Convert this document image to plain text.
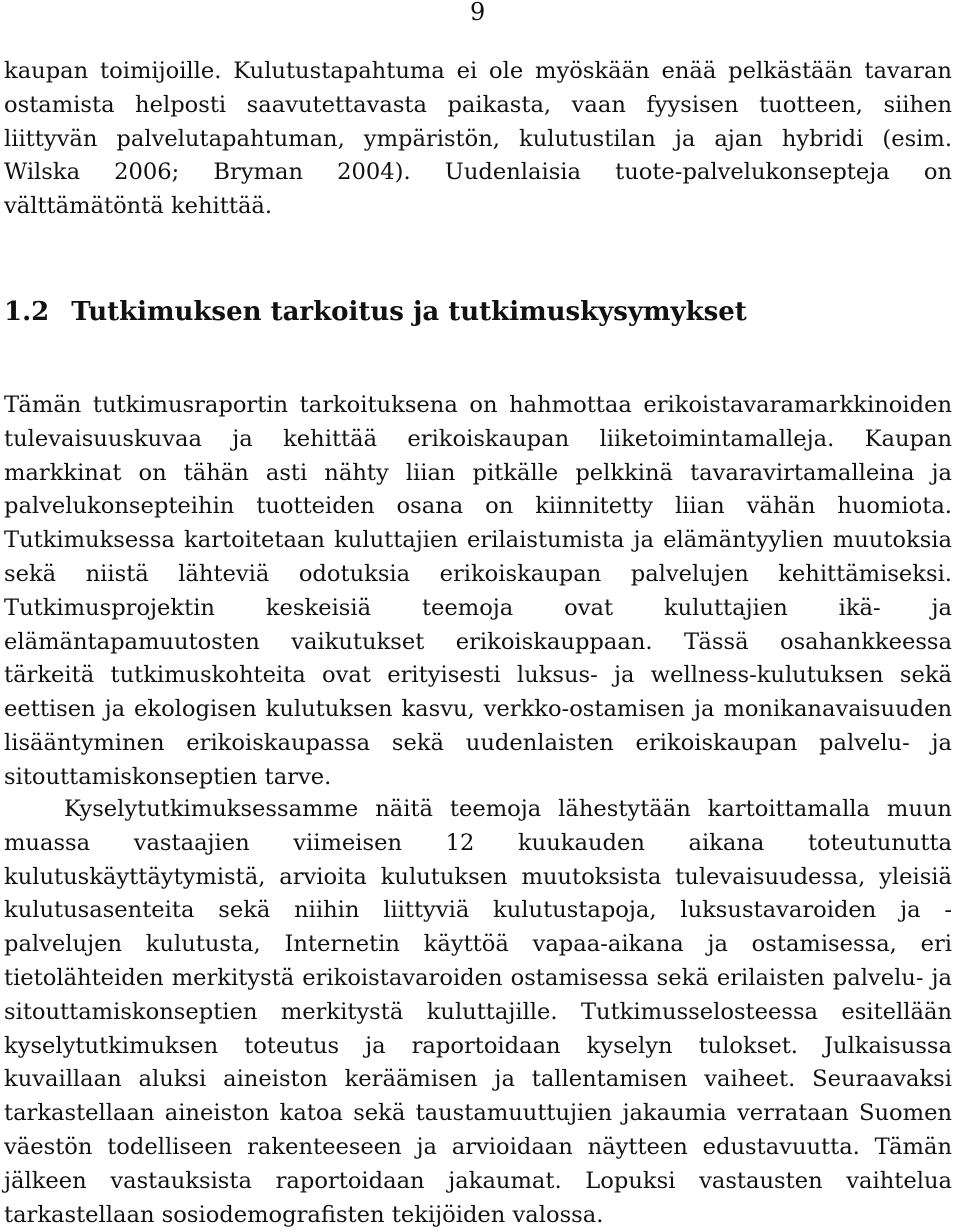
9

kaupan toimijoille. Kulutustapahtuma ei ole myöskään enää pelkästään tavaran ostamista helposti saavutettavasta paikasta, vaan fyysisen tuotteen, siihen liittyvän palvelutapahtuman, ympäristön, kulutustilan ja ajan hybridi (esim. Wilska 2006; Bryman 2004). Uudenlaisia tuote-palvelukonsepteja on välttämätöntä kehittää.

1.2 Tutkimuksen tarkoitus ja tutkimuskysymykset

Tämän tutkimusraportin tarkoituksena on hahmottaa erikoistavaramarkkinoiden tulevaisuuskuvaa ja kehittää erikoiskaupan liiketoimintamalleja. Kaupan markkinat on tähän asti nähty liian pitkälle pelkkinä tavaravirtamalleina ja palvelukonsepteihin tuotteiden osana on kiinnitetty liian vähän huomiota. Tutkimuksessa kartoitetaan kuluttajien erilaistumista ja elämäntyylien muutoksia sekä niistä lähteviä odotuksia erikoiskaupan palvelujen kehittämiseksi. Tutkimusprojektin keskeisiä teemoja ovat kuluttajien ikä- ja elämäntapamuutosten vaikutukset erikoiskauppaan. Tässä osahankkeessa tärkeitä tutkimuskohteita ovat erityisesti luksus- ja wellness-kulutuksen sekä eettisen ja ekologisen kulutuksen kasvu, verkko-ostamisen ja monikanavaisuuden lisääntyminen erikoiskaupassa sekä uudenlaisten erikoiskaupan palvelu- ja sitouttamiskonseptien tarve.

Kyselytutkimuksessamme näitä teemoja lähestytään kartoittamalla muun muassa vastaajien viimeisen 12 kuukauden aikana toteutunutta kulutuskäyttäytymistä, arvioita kulutuksen muutoksista tulevaisuudessa, yleisiä kulutusasenteita sekä niihin liittyviä kulutustapoja, luksustavaroiden ja -palvelujen kulutusta, Internetin käyttöä vapaa-aikana ja ostamisessa, eri tietolähteiden merkitystä erikoistavaroiden ostamisessa sekä erilaisten palvelu- ja sitouttamiskonseptien merkitystä kuluttajille. Tutkimusselosteessa esitellään kyselytutkimuksen toteutus ja raportoidaan kyselyn tulokset. Julkaisussa kuvaillaan aluksi aineiston keräämisen ja tallentamisen vaiheet. Seuraavaksi tarkastellaan aineiston katoa sekä taustamuuttujien jakaumia verrataan Suomen väestön todelliseen rakenteeseen ja arvioidaan näytteen edustavuutta. Tämän jälkeen vastauksista raportoidaan jakaumat. Lopuksi vastausten vaihtelua tarkastellaan sosiodemografisten tekijöiden valossa.
